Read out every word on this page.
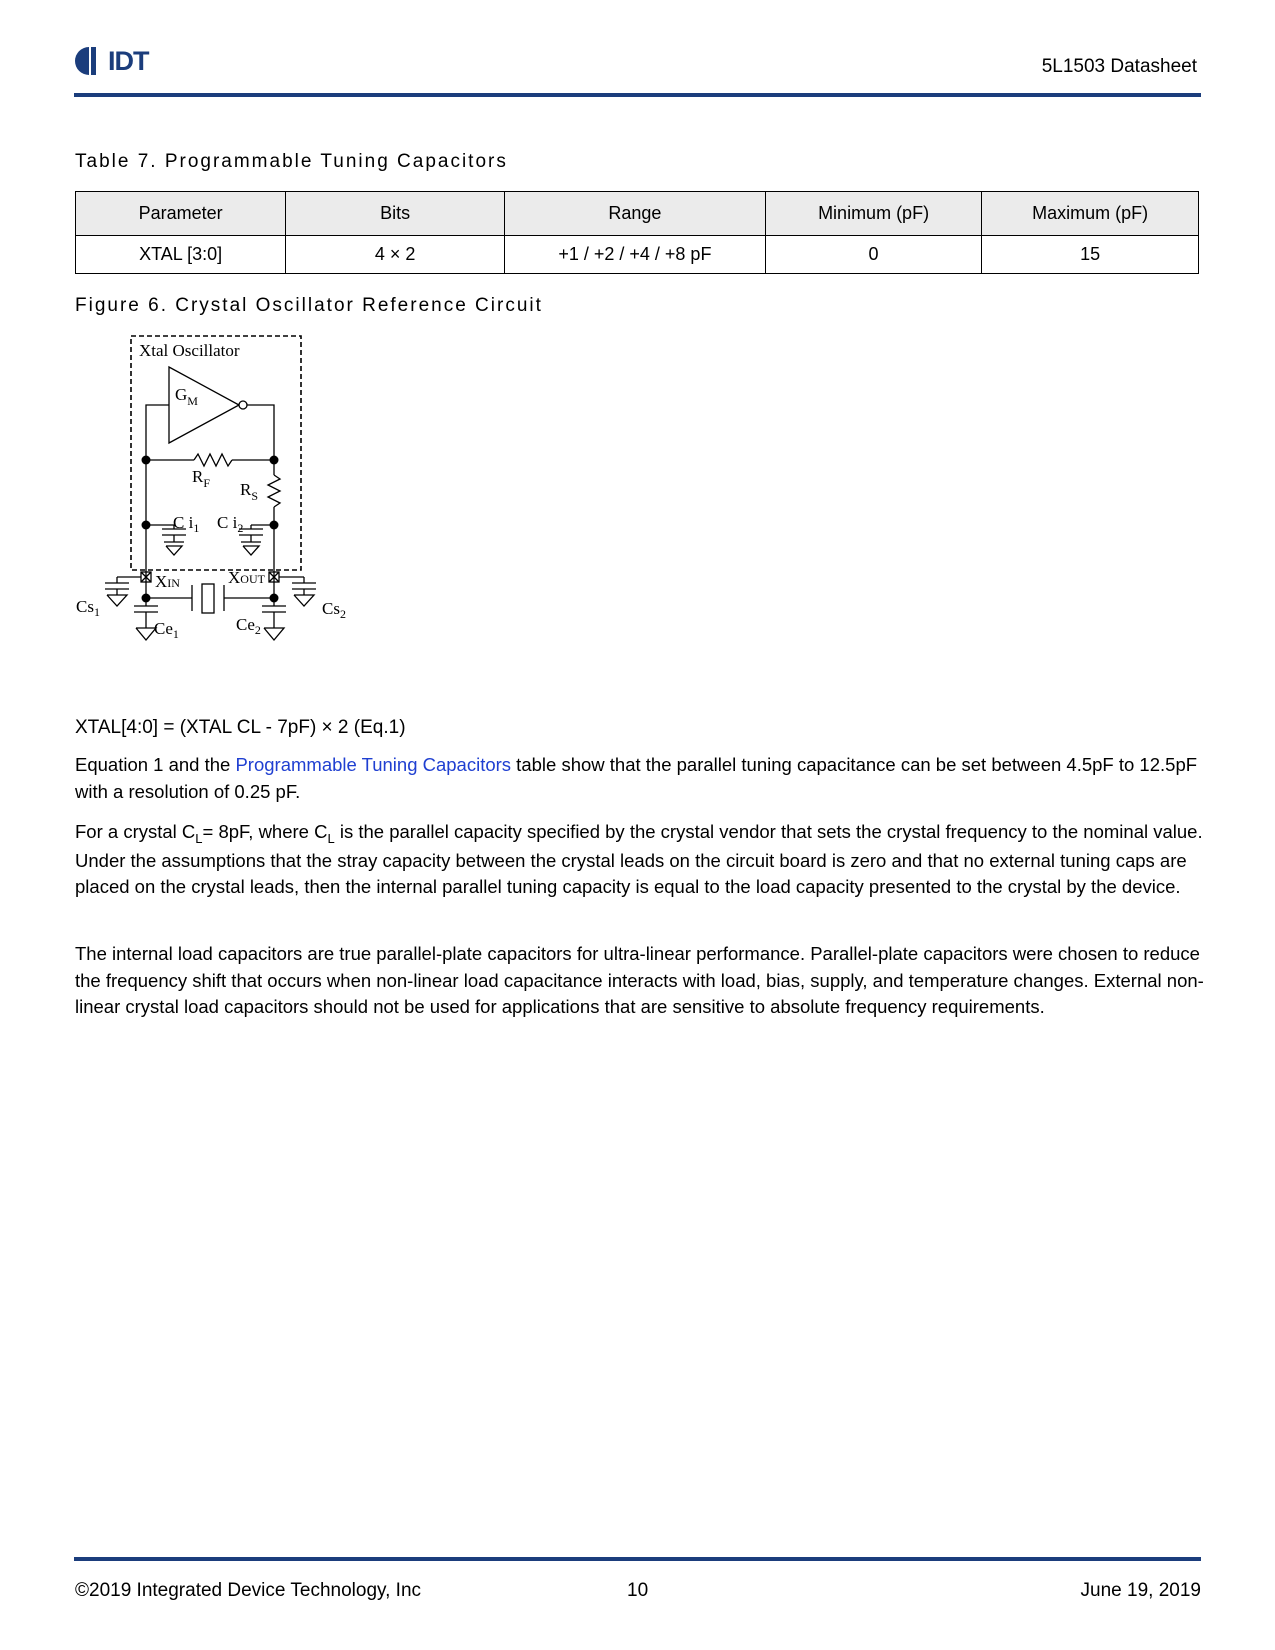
IDT	5L1503 Datasheet
Table 7. Programmable Tuning Capacitors
Parameter	Bits	Range	Minimum (pF)	Maximum (pF)
XTAL [3:0]	4 × 2	+1 / +2 / +4 / +8 pF	0	15
Figure 6. Crystal Oscillator Reference Circuit
Xtal Oscillator
$G_M$
$R_F$ $R_S$
C $i_1$ C $i_2$
XIN	XOUT
$Cs_1$	$Cs_2$
$Ce_1$	$Ce_2$
XTAL[4:0] = (XTAL CL - 7pF) × 2 (Eq.1)

Equation 1 and the Programmable Tuning Capacitors table show that the parallel tuning capacitance can be set between 4.5pF to 12.5pF with a resolution of 0.25 pF.

For a crystal $C_L= 8pF$, where $C_L$ is the parallel capacity specified by the crystal vendor that sets the crystal frequency to the nominal value. Under the assumptions that the stray capacity between the crystal leads on the circuit board is zero and that no external tuning caps are placed on the crystal leads, then the internal parallel tuning capacity is equal to the load capacity presented to the crystal by the device.

The internal load capacitors are true parallel-plate capacitors for ultra-linear performance. Parallel-plate capacitors were chosen to reduce the frequency shift that occurs when non-linear load capacitance interacts with load, bias, supply, and temperature changes. External non-linear crystal load capacitors should not be used for applications that are sensitive to absolute frequency requirements.

©2019 Integrated Device Technology, Inc	10	June 19, 2019
